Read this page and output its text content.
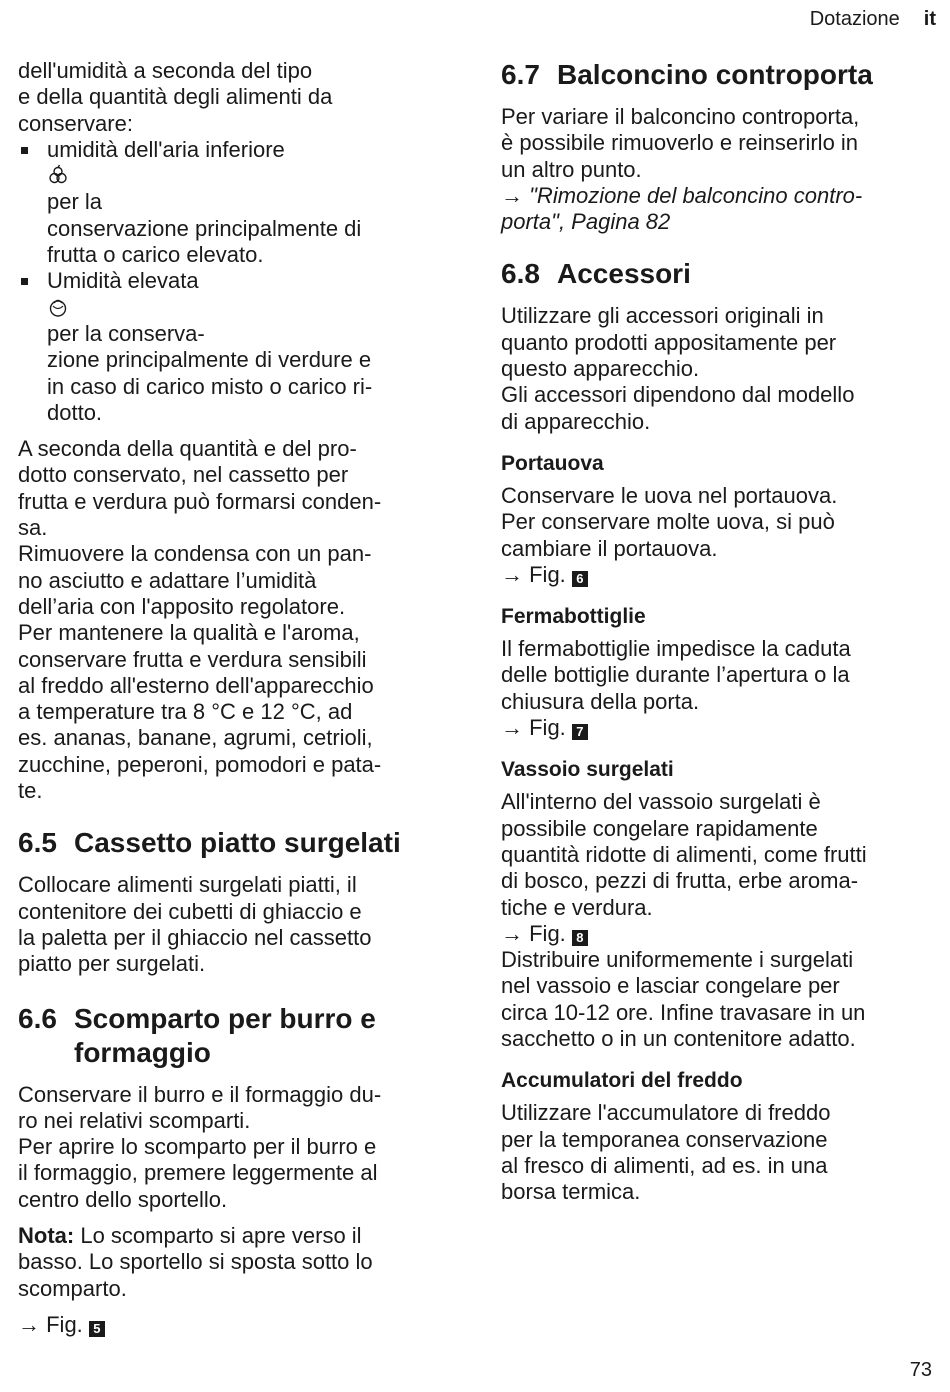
Dotazione it

dell'umidità a seconda del tipo
e della quantità degli alimenti da
conservare:

umidità dell'aria inferiore

per la
conservazione principalmente di
frutta o carico elevato.
Umidità elevata

per la conserva-
zione principalmente di verdure e
in caso di carico misto o carico ri-
dotto.

A seconda della quantità e del pro-
dotto conservato, nel cassetto per
frutta e verdura può formarsi conden-
sa.
Rimuovere la condensa con un pan-
no asciutto e adattare l’umidità
dell’aria con l'apposito regolatore.
Per mantenere la qualità e l'aroma,
conservare frutta e verdura sensibili
al freddo all'esterno dell'apparecchio
a temperature tra 8 °C e 12 °C, ad
es. ananas, banane, agrumi, cetrioli,
zucchine, peperoni, pomodori e pata-
te.

6.5 Cassetto piatto surgelati

Collocare alimenti surgelati piatti, il
contenitore dei cubetti di ghiaccio e
la paletta per il ghiaccio nel cassetto
piatto per surgelati.

6.6 Scomparto per burro e
formaggio

Conservare il burro e il formaggio du-
ro nei relativi scomparti.
Per aprire lo scomparto per il burro e
il formaggio, premere leggermente al
centro dello sportello.

Nota: Lo scomparto si apre verso il
basso. Lo sportello si sposta sotto lo
scomparto.

→ Fig. 5

6.7 Balconcino controporta

Per variare il balconcino controporta,
è possibile rimuoverlo e reinserirlo in
un altro punto.

→ "Rimozione del balconcino contro-
porta", Pagina 82

6.8 Accessori

Utilizzare gli accessori originali in
quanto prodotti appositamente per
questo apparecchio.
Gli accessori dipendono dal modello
di apparecchio.

Portauova

Conservare le uova nel portauova.
Per conservare molte uova, si può
cambiare il portauova.

→ Fig. 6

Fermabottiglie

Il fermabottiglie impedisce la caduta
delle bottiglie durante l’apertura o la
chiusura della porta.

→ Fig. 7

Vassoio surgelati

All'interno del vassoio surgelati è
possibile congelare rapidamente
quantità ridotte di alimenti, come frutti
di bosco, pezzi di frutta, erbe aroma-
tiche e verdura.

→ Fig. 8

Distribuire uniformemente i surgelati
nel vassoio e lasciar congelare per
circa 10-12 ore. Infine travasare in un
sacchetto o in un contenitore adatto.

Accumulatori del freddo

Utilizzare l'accumulatore di freddo
per la temporanea conservazione
al fresco di alimenti, ad es. in una
borsa termica.

73
